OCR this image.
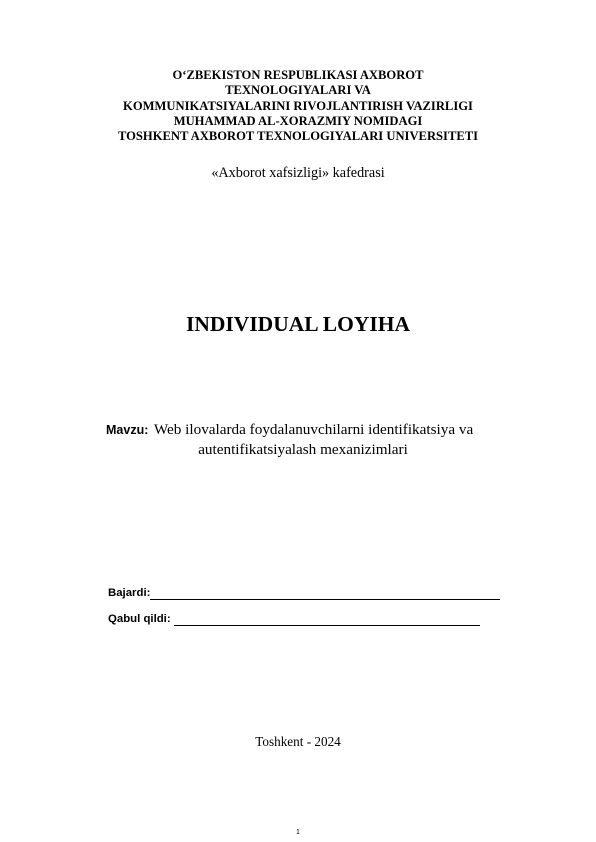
O‘ZBEKISTON RESPUBLIKASI AXBOROT
TEXNOLOGIYALARI VA
KOMMUNIKATSIYALARINI RIVOJLANTIRISH VAZIRLIGI
MUHAMMAD AL-XORAZMIY NOMIDAGI
TOSHKENT AXBOROT TEXNOLOGIYALARI UNIVERSITETI
«Axborot xafsizligi» kafedrasi
INDIVIDUAL LOYIHA
Mavzu: Web ilovalarda foydalanuvchilarni identifikatsiya va
autentifikatsiyalash mexanizimlari
Bajardi:
Qabul qildi:
Toshkent - 2024
1
